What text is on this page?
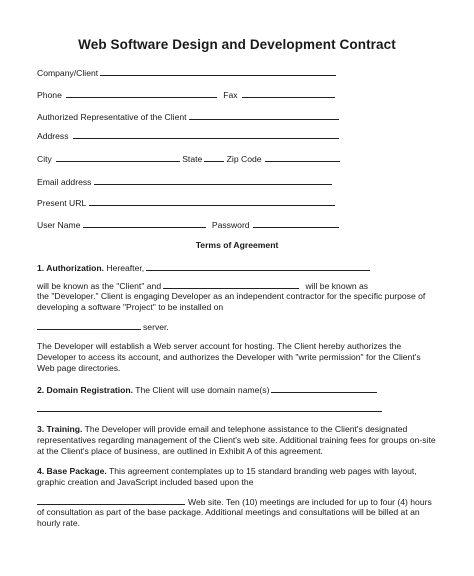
Web Software Design and Development Contract
Company/Client
Phone	Fax
Authorized Representative of the Client
Address
City	State	Zip Code
Email address
Present URL
User Name	Password
Terms of Agreement
1. Authorization. Hereafter,
will be known as the "Client" and	will be known as
the "Developer." Client is engaging Developer as an independent contractor for the specific purpose of
developing a software "Project" to be installed on
server.
The Developer will establish a Web server account for hosting. The Client hereby authorizes the
Developer to access its account, and authorizes the Developer with "write permission" for the Client's
Web page directories.
2. Domain Registration. The Client will use domain name(s)
3. Training. The Developer will provide email and telephone assistance to the Client's designated
representatives regarding management of the Client's web site. Additional training fees for groups on-site
at the Client's place of business, are outlined in Exhibit A of this agreement.
4. Base Package. This agreement contemplates up to 15 standard branding web pages with layout,
graphic creation and JavaScript included based upon the
Web site. Ten (10) meetings are included for up to four (4) hours
of consultation as part of the base package. Additional meetings and consultations will be billed at an
hourly rate.
